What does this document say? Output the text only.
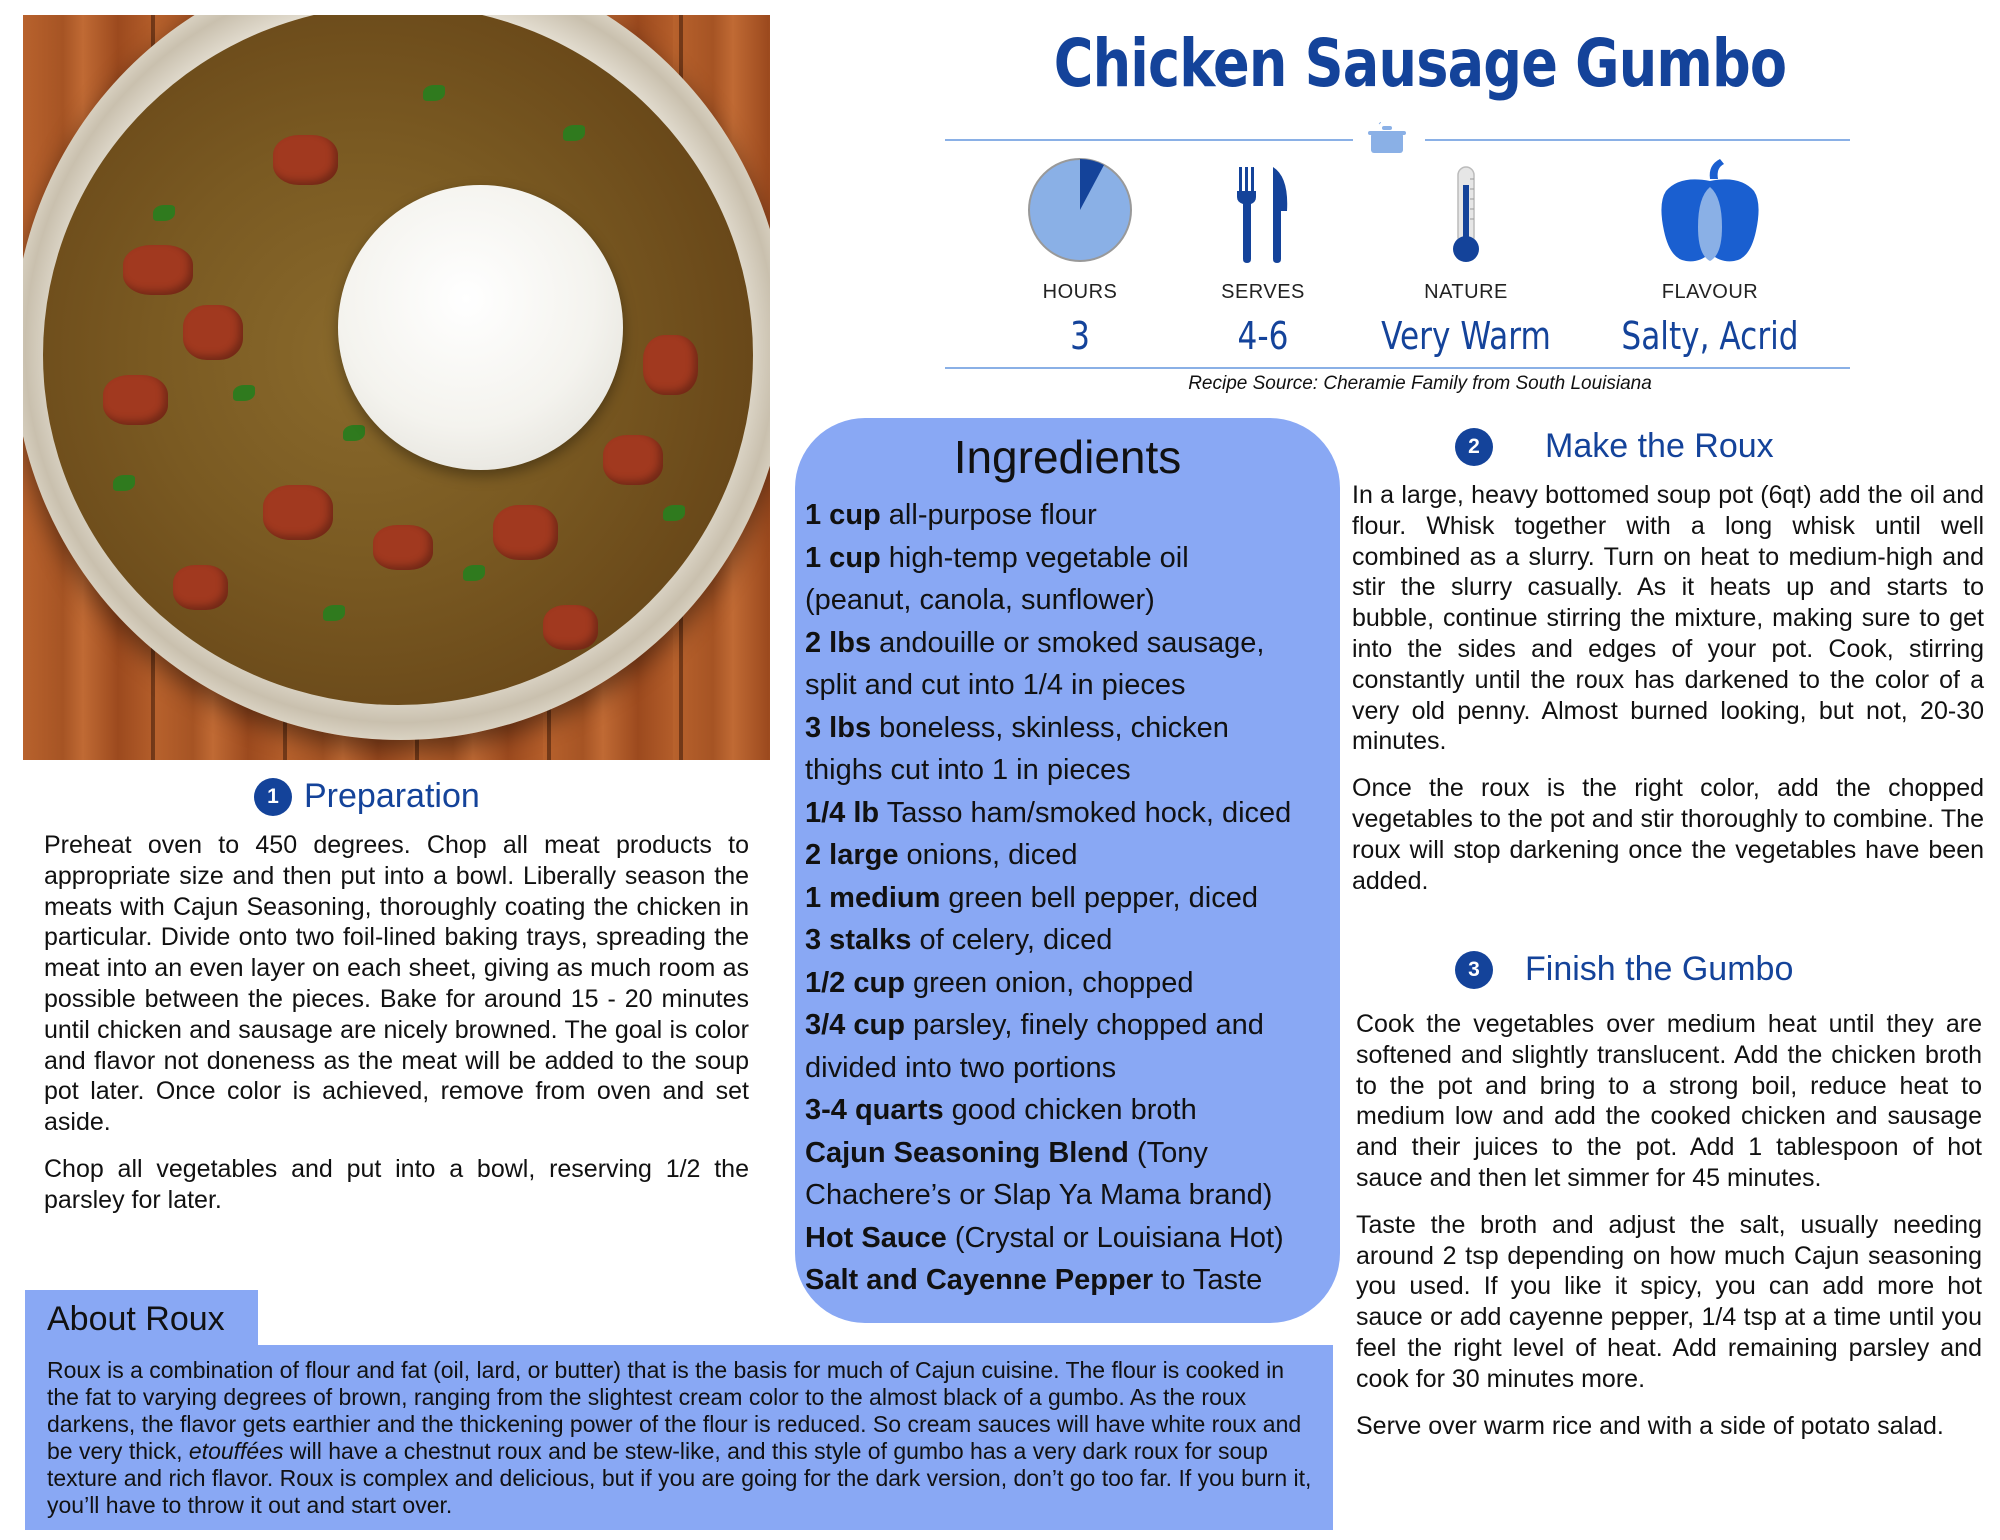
Chicken Sausage Gumbo
HOURS
3
SERVES
4-6
NATURE
Very Warm
FLAVOUR
Salty, Acrid
Recipe Source: Cheramie Family from South Louisiana
Ingredients
1 cup all-purpose flour
1 cup high-temp vegetable oil
(peanut, canola, sunflower)
2 lbs andouille or smoked sausage,
split and cut into 1/4 in pieces
3 lbs boneless, skinless, chicken
thighs cut into 1 in pieces
1/4 lb Tasso ham/smoked hock, diced
2 large onions, diced
1 medium green bell pepper, diced
3 stalks of celery, diced
1/2 cup green onion, chopped
3/4 cup parsley, finely chopped and
divided into two portions
3-4 quarts good chicken broth
Cajun Seasoning Blend (Tony
Chachere’s or Slap Ya Mama brand)
Hot Sauce (Crystal or Louisiana Hot)
Salt and Cayenne Pepper to Taste
1 Preparation

Preheat oven to 450 degrees. Chop all meat products to appropriate size and then put into a bowl. Liberally season the meats with Cajun Seasoning, thoroughly coating the chicken in particular. Divide onto two foil-lined baking trays, spreading the meat into an even layer on each sheet, giving as much room as possible between the pieces. Bake for around 15 - 20 minutes until chicken and sausage are nicely browned. The goal is color and flavor not doneness as the meat will be added to the soup pot later. Once color is achieved, remove from oven and set aside.

Chop all vegetables and put into a bowl, reserving 1/2 the parsley for later.

2	Make the Roux

In a large, heavy bottomed soup pot (6qt) add the oil and flour. Whisk together with a long whisk until well combined as a slurry. Turn on heat to medium-high and stir the slurry casually. As it heats up and starts to bubble, continue stirring the mixture, making sure to get into the sides and edges of your pot. Cook, stirring constantly until the roux has darkened to the color of a very old penny. Almost burned looking, but not, 20-30 minutes.

Once the roux is the right color, add the chopped vegetables to the pot and stir thoroughly to combine. The roux will stop darkening once the vegetables have been added.

3	Finish the Gumbo

Cook the vegetables over medium heat until they are softened and slightly translucent. Add the chicken broth to the pot and bring to a strong boil, reduce heat to medium low and add the cooked chicken and sausage and their juices to the pot. Add 1 tablespoon of hot sauce and then let simmer for 45 minutes.

Taste the broth and adjust the salt, usually needing around 2 tsp depending on how much Cajun seasoning you used. If you like it spicy, you can add more hot sauce or add cayenne pepper, 1/4 tsp at a time until you feel the right level of heat. Add remaining parsley and cook for 30 minutes more.

Serve over warm rice and with a side of potato salad.

About Roux
Roux is a combination of flour and fat (oil, lard, or butter) that is the basis for much of Cajun cuisine. The flour is cooked in the fat to varying degrees of brown, ranging from the slightest cream color to the almost black of a gumbo. As the roux darkens, the flavor gets earthier and the thickening power of the flour is reduced. So cream sauces will have white roux and be very thick, etouffées will have a chestnut roux and be stew-like, and this style of gumbo has a very dark roux for soup texture and rich flavor. Roux is complex and delicious, but if you are going for the dark version, don’t go too far. If you burn it, you’ll have to throw it out and start over.
